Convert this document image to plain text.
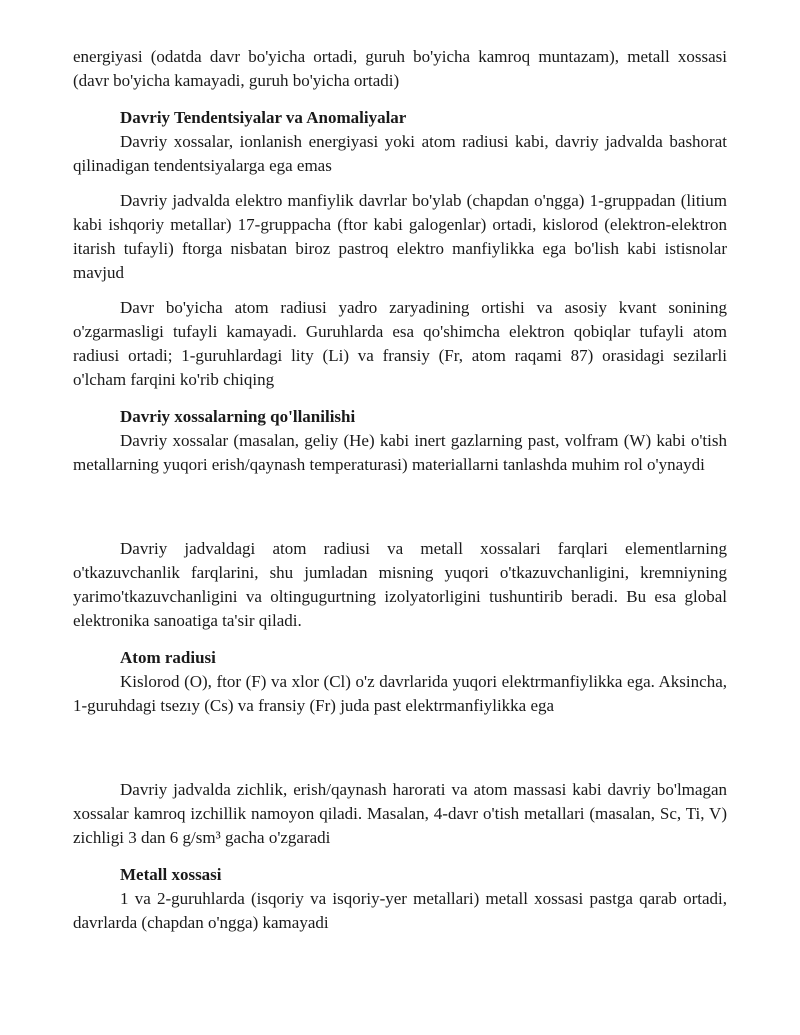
energiyasi (odatda davr bo'yicha ortadi, guruh bo'yicha kamroq muntazam), metall xossasi (davr bo'yicha kamayadi, guruh bo'yicha ortadi)

Davriy Tendentsiyalar va Anomaliyalar

Davriy xossalar, ionlanish energiyasi yoki atom radiusi kabi, davriy jadvalda bashorat qilinadigan tendentsiyalarga ega emas

Davriy jadvalda elektro manfiylik davrlar bo'ylab (chapdan o'ngga) 1-gruppadan (litium kabi ishqoriy metallar) 17-gruppacha (ftor kabi galogenlar) ortadi, kislorod (elektron-elektron itarish tufayli) ftorga nisbatan biroz pastroq elektro manfiylikka ega bo'lish kabi istisnolar mavjud

Davr bo'yicha atom radiusi yadro zaryadining ortishi va asosiy kvant sonining o'zgarmasligi tufayli kamayadi. Guruhlarda esa qo'shimcha elektron qobiqlar tufayli atom radiusi ortadi; 1-guruhlardagi lity (Li) va fransiy (Fr, atom raqami 87) orasidagi sezilarli o'lcham farqini ko'rib chiqing

Davriy xossalarning qo'llanilishi

Davriy xossalar (masalan, geliy (He) kabi inert gazlarning past, volfram (W) kabi o'tish metallarning yuqori erish/qaynash temperaturasi) materiallarni tanlashda muhim rol o'ynaydi

Davriy jadvaldagi atom radiusi va metall xossalari farqlari elementlarning o'tkazuvchanlik farqlarini, shu jumladan misning yuqori o'tkazuvchanligini, kremniyning yarimo'tkazuvchanligini va oltingugurtning izolyatorligini tushuntirib beradi. Bu esa global elektronika sanoatiga ta'sir qiladi.

Atom radiusi

Kislorod (O), ftor (F) va xlor (Cl) o'z davrlarida yuqori elektrmanfiylikka ega. Aksincha, 1-guruhdagi tsezıy (Cs) va fransiy (Fr) juda past elektrmanfiylikka ega

Davriy jadvalda zichlik, erish/qaynash harorati va atom massasi kabi davriy bo'lmagan xossalar kamroq izchillik namoyon qiladi. Masalan, 4-davr o'tish metallari (masalan, Sc, Ti, V) zichligi 3 dan 6 g/sm³ gacha o'zgaradi

Metall xossasi

1 va 2-guruhlarda (isqoriy va isqoriy-yer metallari) metall xossasi pastga qarab ortadi, davrlarda (chapdan o'ngga) kamayadi
